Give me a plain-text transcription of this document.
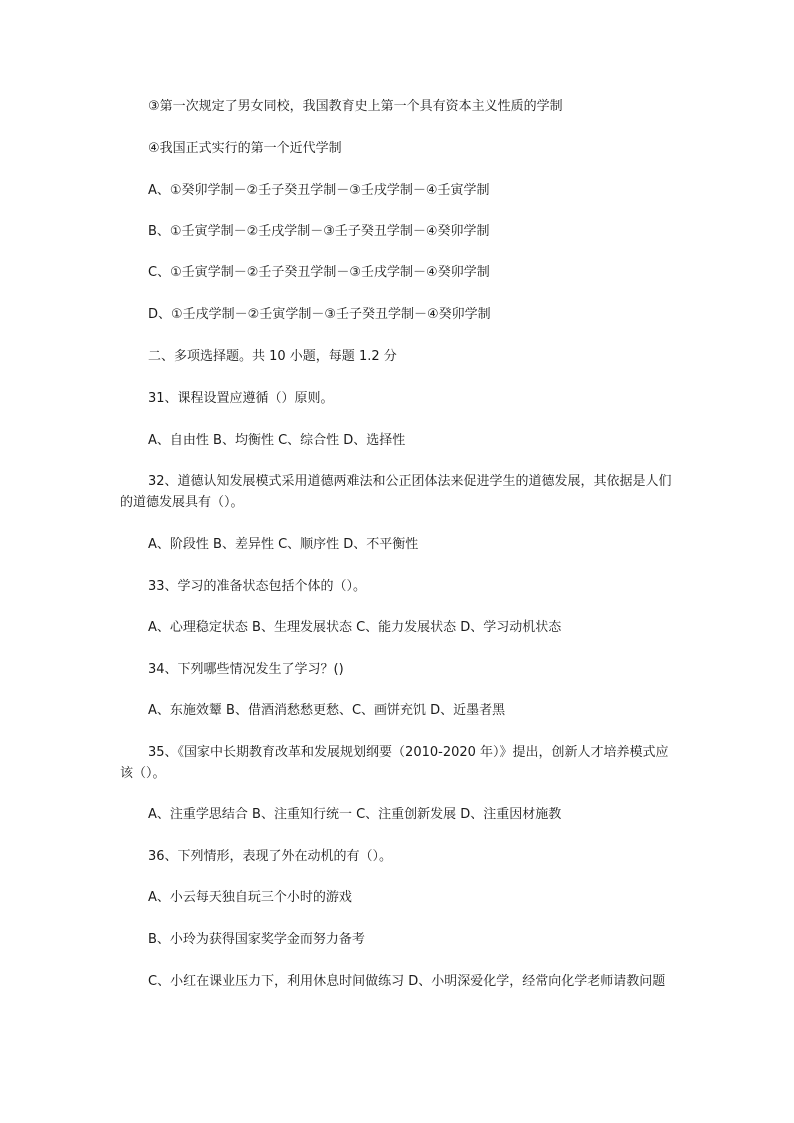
③第一次规定了男女同校，我国教育史上第一个具有资本主义性质的学制

④我国正式实行的第一个近代学制

A、①癸卯学制－②壬子癸丑学制－③壬戌学制－④壬寅学制

B、①壬寅学制－②壬戌学制－③壬子癸丑学制－④癸卯学制

C、①壬寅学制－②壬子癸丑学制－③壬戌学制－④癸卯学制

D、①壬戌学制－②壬寅学制－③壬子癸丑学制－④癸卯学制

二、多项选择题。共 10 小题，每题 1.2 分

31、课程设置应遵循（）原则。

A、自由性 B、均衡性 C、综合性 D、选择性

32、道德认知发展模式采用道德两难法和公正团体法来促进学生的道德发展，其依据是人们的道德发展具有（）。

A、阶段性 B、差异性 C、顺序性 D、不平衡性

33、学习的准备状态包括个体的（）。

A、心理稳定状态 B、生理发展状态 C、能力发展状态 D、学习动机状态

34、下列哪些情况发生了学习？()

A、东施效颦 B、借酒消愁愁更愁、C、画饼充饥 D、近墨者黑

35、《国家中长期教育改革和发展规划纲要（2010-2020 年）》提出，创新人才培养模式应该（）。

A、注重学思结合 B、注重知行统一 C、注重创新发展 D、注重因材施教

36、下列情形，表现了外在动机的有（）。

A、小云每天独自玩三个小时的游戏

B、小玲为获得国家奖学金而努力备考

C、小红在课业压力下，利用休息时间做练习 D、小明深爱化学，经常向化学老师请教问题
